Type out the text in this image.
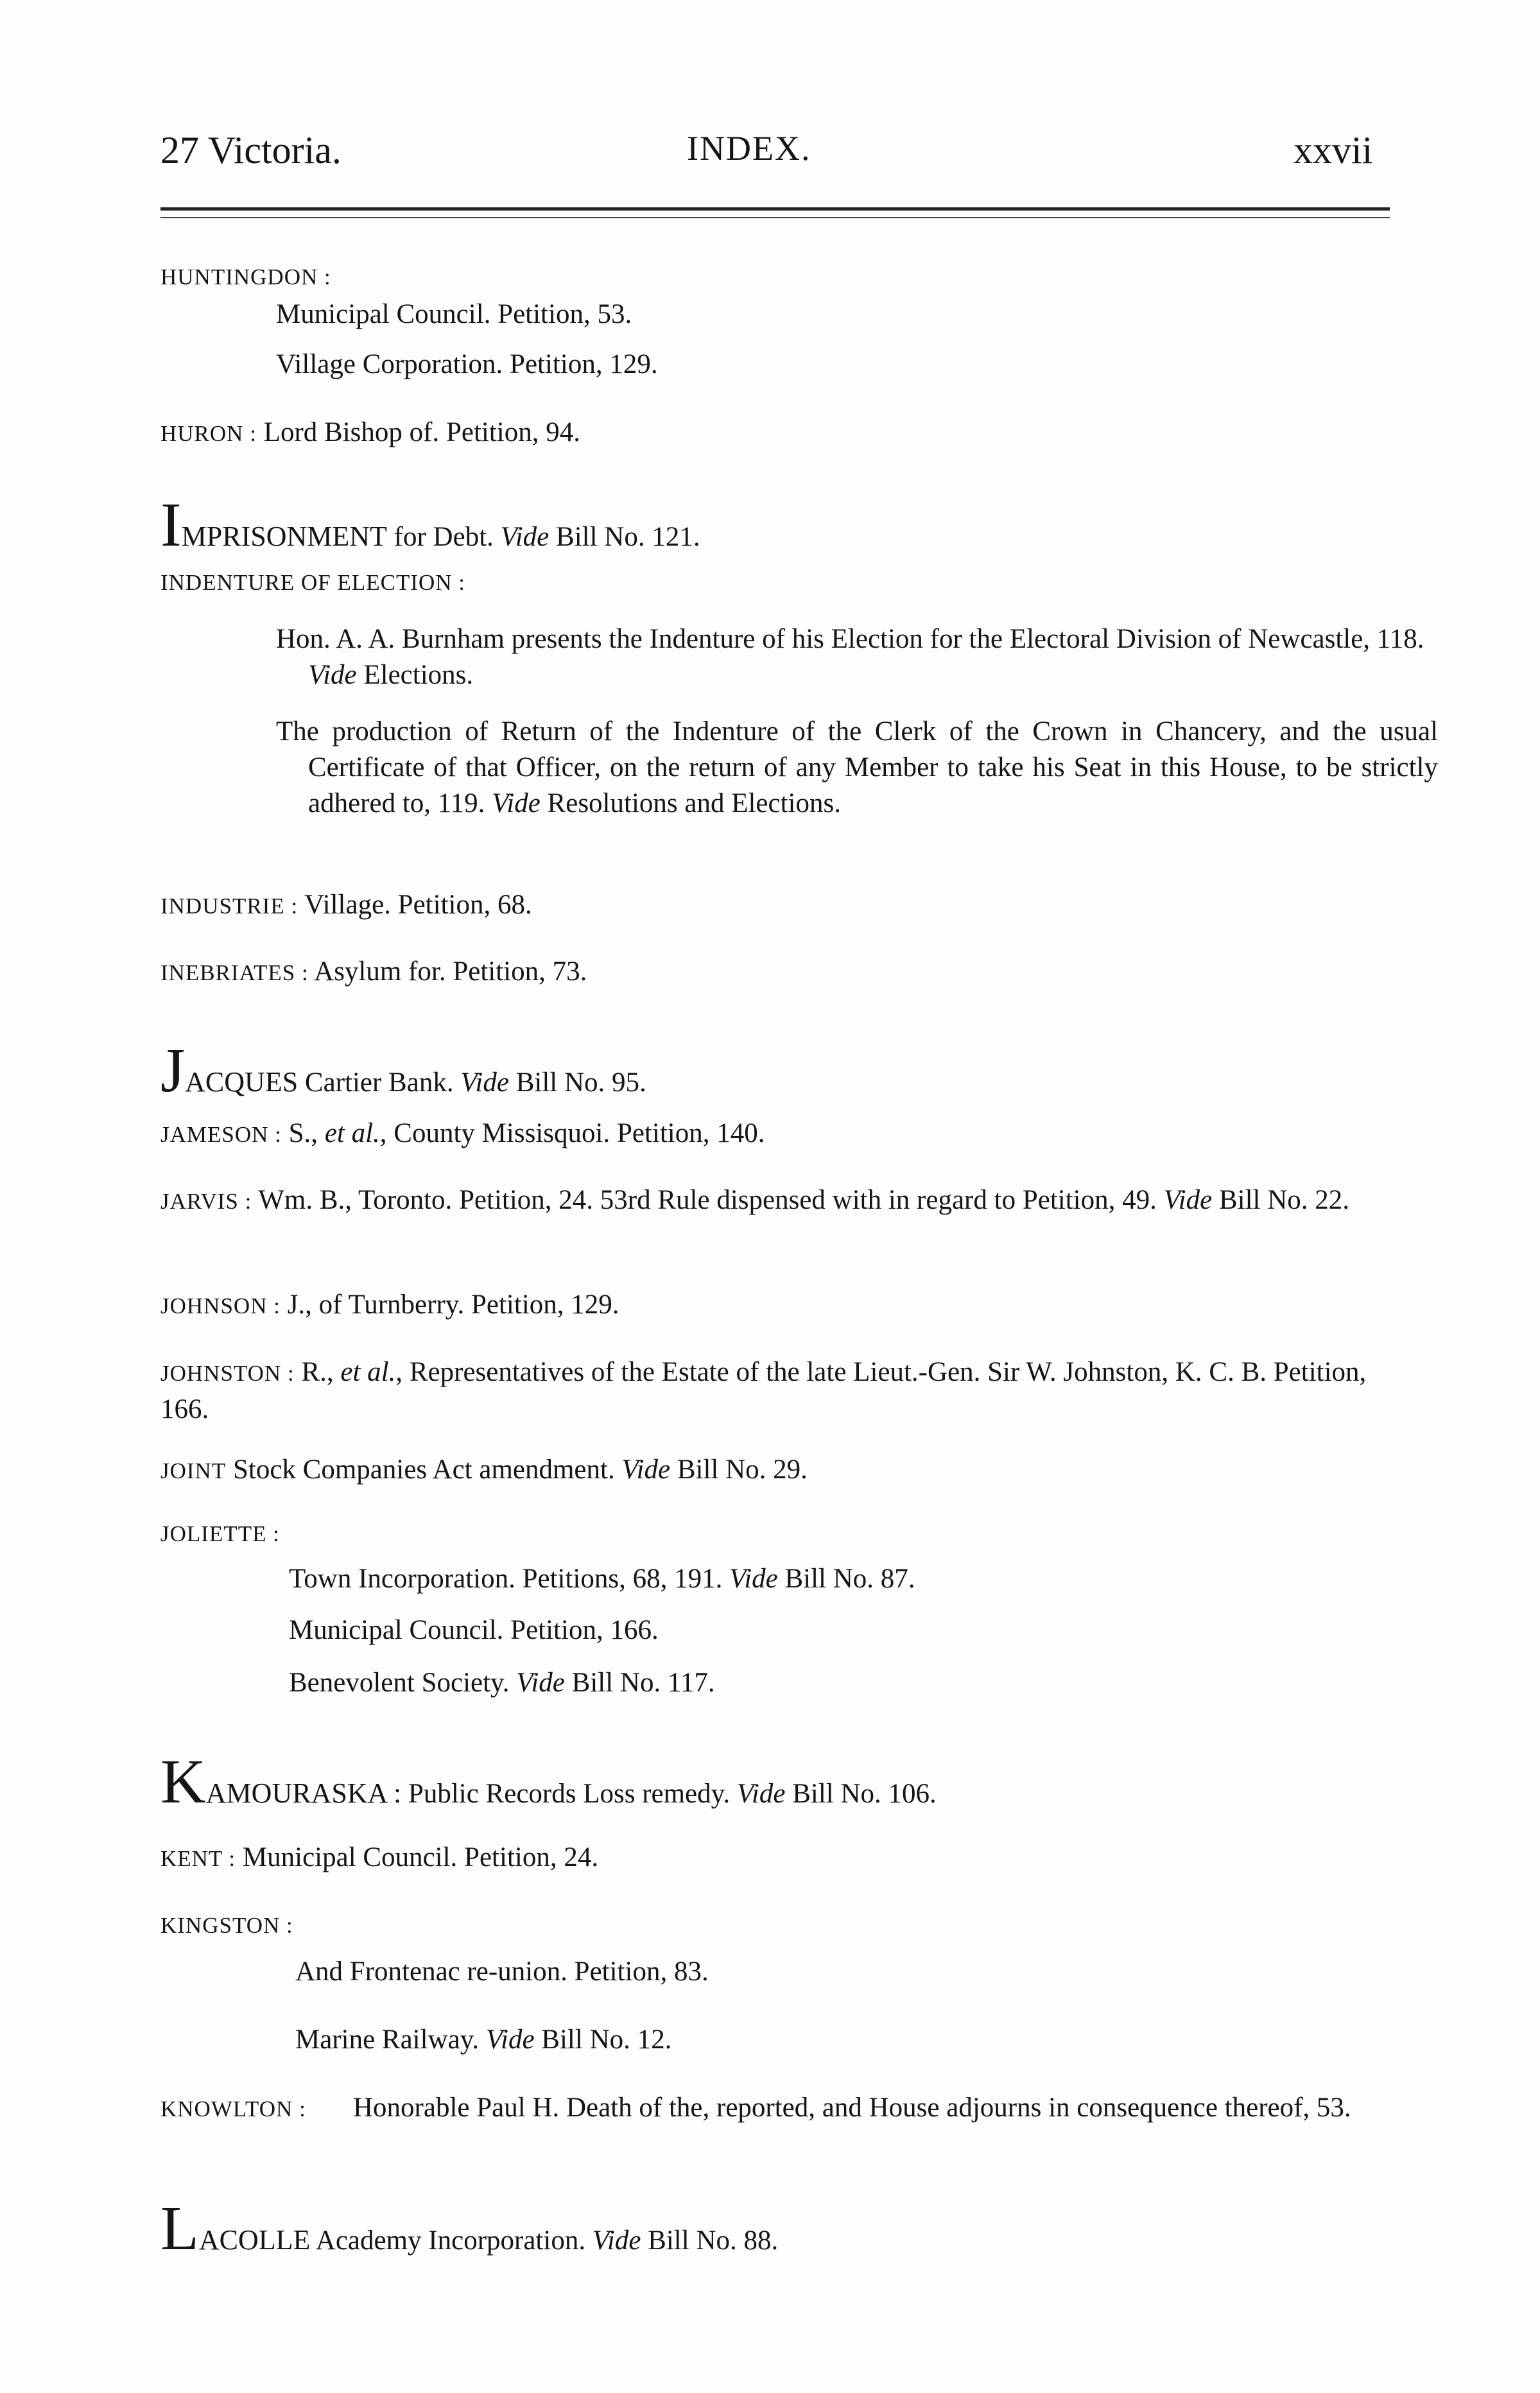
27 Victoria.	INDEX.	xxvii
HUNTINGDON :
Municipal Council. Petition, 53.
Village Corporation. Petition, 129.
HURON : Lord Bishop of. Petition, 94.
IMPRISONMENT for Debt. Vide Bill No. 121.
INDENTURE OF ELECTION :
Hon. A. A. Burnham presents the Indenture of his Election for the Electoral Division of Newcastle, 118. Vide Elections.
The production of Return of the Indenture of the Clerk of the Crown in Chancery, and the usual Certificate of that Officer, on the return of any Member to take his Seat in this House, to be strictly adhered to, 119. Vide Resolutions and Elections.
INDUSTRIE : Village. Petition, 68.
INEBRIATES : Asylum for. Petition, 73.
JACQUES Cartier Bank. Vide Bill No. 95.
JAMESON : S., et al., County Missisquoi. Petition, 140.
JARVIS : Wm. B., Toronto. Petition, 24. 53rd Rule dispensed with in regard to Petition, 49. Vide Bill No. 22.
JOHNSON : J., of Turnberry. Petition, 129.
JOHNSTON : R., et al., Representatives of the Estate of the late Lieut.-Gen. Sir W. Johnston, K. C. B. Petition, 166.
JOINT Stock Companies Act amendment. Vide Bill No. 29.
JOLIETTE :
Town Incorporation. Petitions, 68, 191. Vide Bill No. 87.
Municipal Council. Petition, 166.
Benevolent Society. Vide Bill No. 117.
KAMOURASKA : Public Records Loss remedy. Vide Bill No. 106.
KENT : Municipal Council. Petition, 24.
KINGSTON :
And Frontenac re-union. Petition, 83.
Marine Railway. Vide Bill No. 12.
KNOWLTON :	Honorable Paul H. Death of the, reported, and House adjourns in consequence thereof, 53.
LACOLLE Academy Incorporation. Vide Bill No. 88.
